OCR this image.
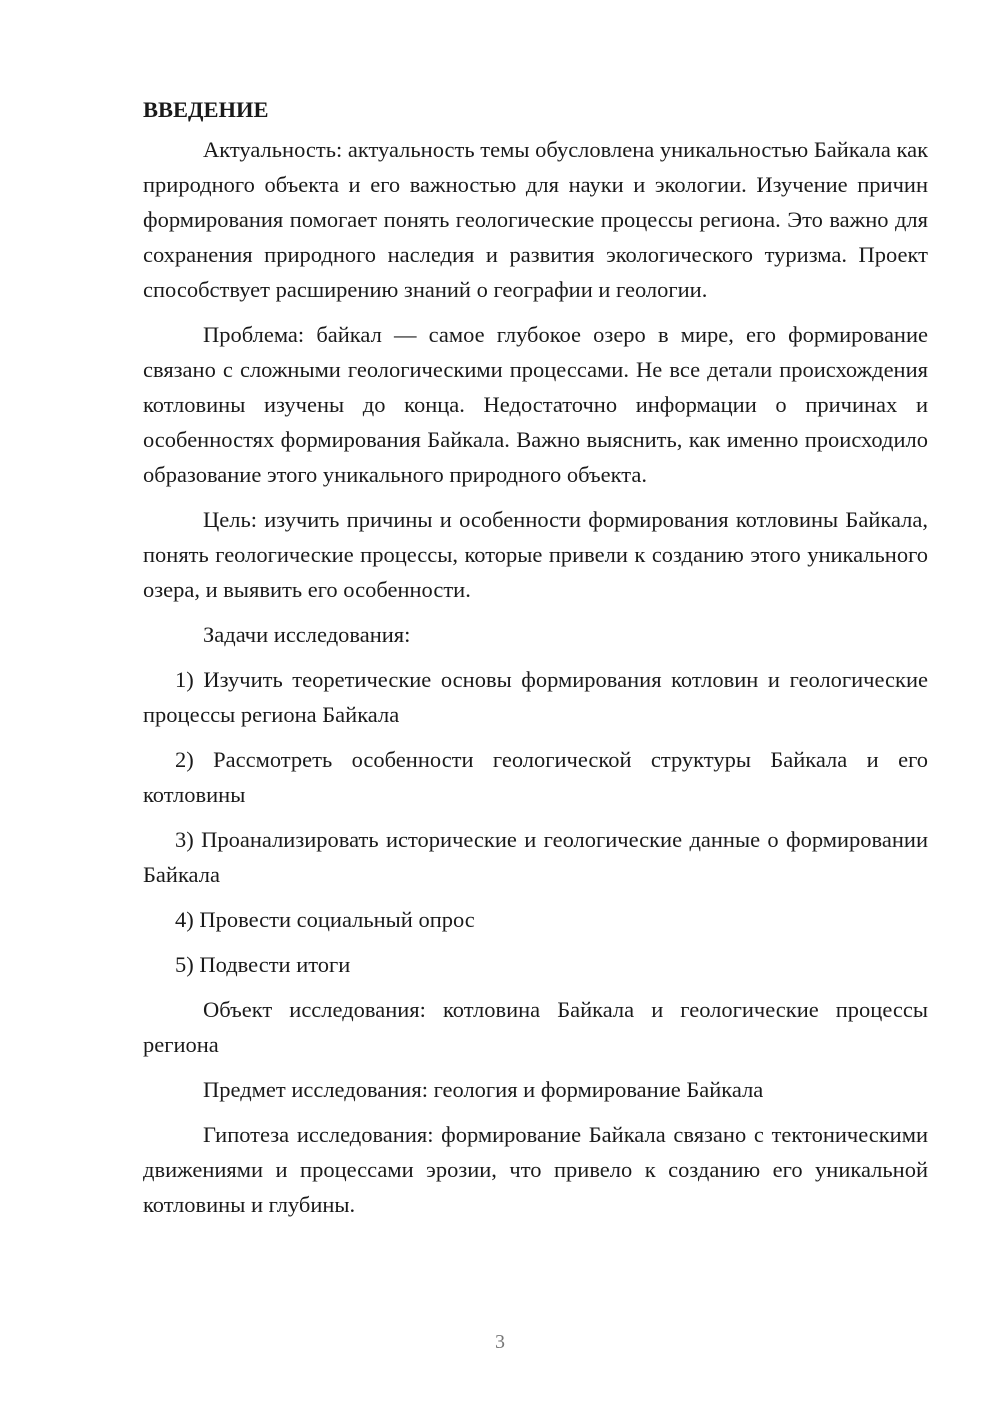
ВВЕДЕНИЕ

Актуальность: актуальность темы обусловлена уникальностью Байкала как природного объекта и его важностью для науки и экологии. Изучение причин формирования помогает понять геологические процессы региона. Это важно для сохранения природного наследия и развития экологического туризма. Проект способствует расширению знаний о географии и геологии.

Проблема: байкал — самое глубокое озеро в мире, его формирование связано с сложными геологическими процессами. Не все детали происхождения котловины изучены до конца. Недостаточно информации о причинах и особенностях формирования Байкала. Важно выяснить, как именно происходило образование этого уникального природного объекта.

Цель: изучить причины и особенности формирования котловины Байкала, понять геологические процессы, которые привели к созданию этого уникального озера, и выявить его особенности.

Задачи исследования:

1) Изучить теоретические основы формирования котловин и геологические процессы региона Байкала

2) Рассмотреть особенности геологической структуры Байкала и его котловины

3) Проанализировать исторические и геологические данные о формировании Байкала

4) Провести социальный опрос

5) Подвести итоги

Объект исследования: котловина Байкала и геологические процессы региона

Предмет исследования: геология и формирование Байкала

Гипотеза исследования: формирование Байкала связано с тектоническими движениями и процессами эрозии, что привело к созданию его уникальной котловины и глубины.

3
